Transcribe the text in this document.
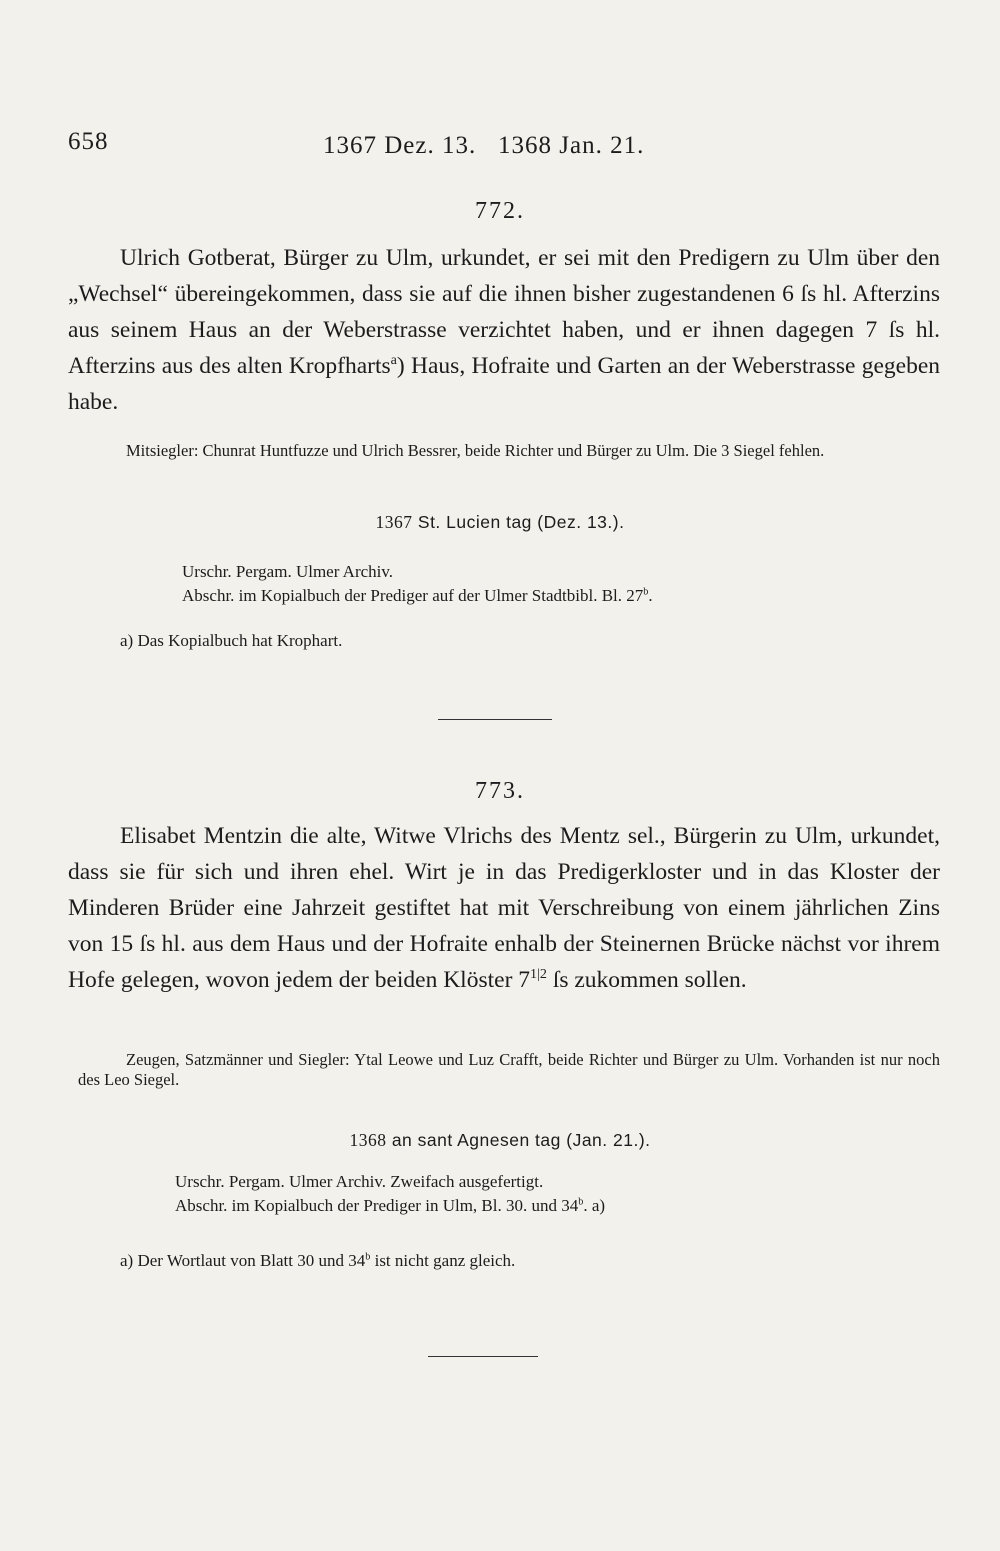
658	1367 Dez. 13.   1368 Jan. 21.
772.
Ulrich Gotberat, Bürger zu Ulm, urkundet, er sei mit den Predigern zu Ulm über den „Wechsel“ übereingekommen, dass sie auf die ihnen bisher zugestandenen 6 ſs hl. Afterzins aus seinem Haus an der Weberstrasse verzichtet haben, und er ihnen dagegen 7 ſs hl. Afterzins aus des alten Kropfharts$^a$) Haus, Hofraite und Garten an der Weberstrasse gegeben habe.
Mitsiegler: Chunrat Huntfuzze und Ulrich Bessrer, beide Richter und Bürger zu Ulm. Die 3 Siegel fehlen.
1367 St. Lucien tag (Dez. 13.).
Urschr. Pergam. Ulmer Archiv.
Abschr. im Kopialbuch der Prediger auf der Ulmer Stadtbibl. Bl. 27$^b$.
a) Das Kopialbuch hat Krophart.
773.
Elisabet Mentzin die alte, Witwe Vlrichs des Mentz sel., Bürgerin zu Ulm, urkundet, dass sie für sich und ihren ehel. Wirt je in das Predigerkloster und in das Kloster der Minderen Brüder eine Jahrzeit gestiftet hat mit Verschreibung von einem jährlichen Zins von 15 ſs hl. aus dem Haus und der Hofraite enhalb der Steinernen Brücke nächst vor ihrem Hofe gelegen, wovon jedem der beiden Klöster $7^{1|2}$ ſs zukommen sollen.
Zeugen, Satzmänner und Siegler: Ytal Leowe und Luz Crafft, beide Richter und Bürger zu Ulm. Vorhanden ist nur noch des Leo Siegel.
1368 an sant Agnesen tag (Jan. 21.).
Urschr. Pergam. Ulmer Archiv. Zweifach ausgefertigt.
Abschr. im Kopialbuch der Prediger in Ulm, Bl. 30. und 34$^b$. a)
a) Der Wortlaut von Blatt 30 und 34$^b$ ist nicht ganz gleich.
